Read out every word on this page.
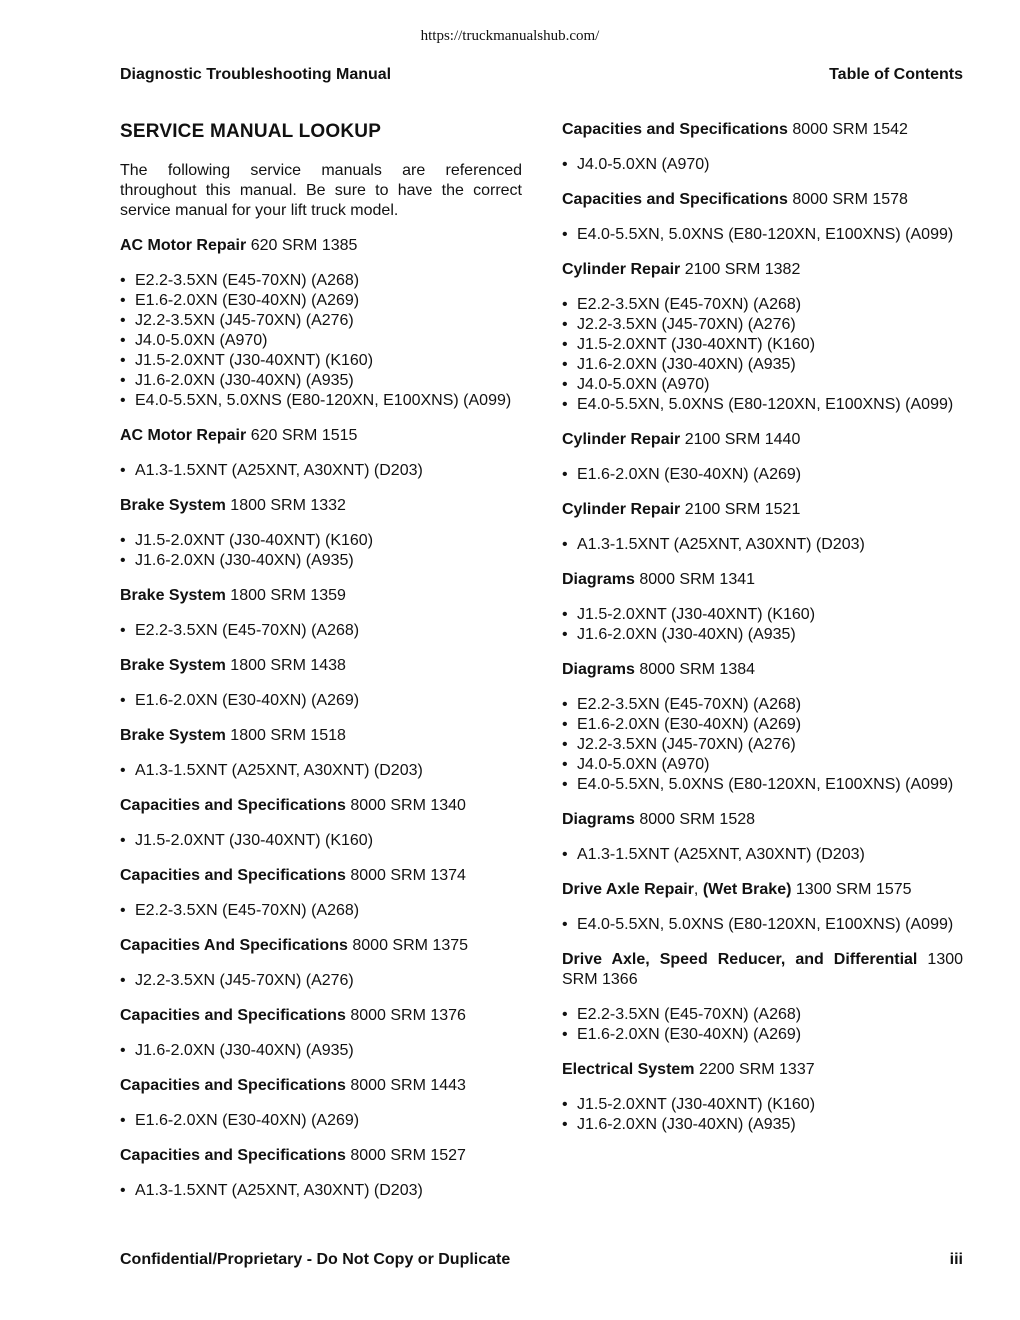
https://truckmanualshub.com/
Diagnostic Troubleshooting Manual	Table of Contents
SERVICE MANUAL LOOKUP

The following service manuals are referenced throughout this manual. Be sure to have the correct service manual for your lift truck model.

AC Motor Repair 620 SRM 1385

• E2.2-3.5XN (E45-70XN) (A268)
• E1.6-2.0XN (E30-40XN) (A269)
• J2.2-3.5XN (J45-70XN) (A276)
• J4.0-5.0XN (A970)
• J1.5-2.0XNT (J30-40XNT) (K160)
• J1.6-2.0XN (J30-40XN) (A935)
• E4.0-5.5XN, 5.0XNS (E80-120XN, E100XNS) (A099)

AC Motor Repair 620 SRM 1515

• A1.3-1.5XNT (A25XNT, A30XNT) (D203)

Brake System 1800 SRM 1332

• J1.5-2.0XNT (J30-40XNT) (K160)
• J1.6-2.0XN (J30-40XN) (A935)

Brake System 1800 SRM 1359

• E2.2-3.5XN (E45-70XN) (A268)

Brake System 1800 SRM 1438

• E1.6-2.0XN (E30-40XN) (A269)

Brake System 1800 SRM 1518

• A1.3-1.5XNT (A25XNT, A30XNT) (D203)

Capacities and Specifications 8000 SRM 1340

• J1.5-2.0XNT (J30-40XNT) (K160)

Capacities and Specifications 8000 SRM 1374

• E2.2-3.5XN (E45-70XN) (A268)

Capacities And Specifications 8000 SRM 1375

• J2.2-3.5XN (J45-70XN) (A276)

Capacities and Specifications 8000 SRM 1376

• J1.6-2.0XN (J30-40XN) (A935)

Capacities and Specifications 8000 SRM 1443

• E1.6-2.0XN (E30-40XN) (A269)

Capacities and Specifications 8000 SRM 1527

• A1.3-1.5XNT (A25XNT, A30XNT) (D203)

Capacities and Specifications 8000 SRM 1542

• J4.0-5.0XN (A970)

Capacities and Specifications 8000 SRM 1578

• E4.0-5.5XN, 5.0XNS (E80-120XN, E100XNS) (A099)

Cylinder Repair 2100 SRM 1382

• E2.2-3.5XN (E45-70XN) (A268)
• J2.2-3.5XN (J45-70XN) (A276)
• J1.5-2.0XNT (J30-40XNT) (K160)
• J1.6-2.0XN (J30-40XN) (A935)
• J4.0-5.0XN (A970)
• E4.0-5.5XN, 5.0XNS (E80-120XN, E100XNS) (A099)

Cylinder Repair 2100 SRM 1440

• E1.6-2.0XN (E30-40XN) (A269)

Cylinder Repair 2100 SRM 1521

• A1.3-1.5XNT (A25XNT, A30XNT) (D203)

Diagrams 8000 SRM 1341

• J1.5-2.0XNT (J30-40XNT) (K160)
• J1.6-2.0XN (J30-40XN) (A935)

Diagrams 8000 SRM 1384

• E2.2-3.5XN (E45-70XN) (A268)
• E1.6-2.0XN (E30-40XN) (A269)
• J2.2-3.5XN (J45-70XN) (A276)
• J4.0-5.0XN (A970)
• E4.0-5.5XN, 5.0XNS (E80-120XN, E100XNS) (A099)

Diagrams 8000 SRM 1528

• A1.3-1.5XNT (A25XNT, A30XNT) (D203)

Drive Axle Repair, (Wet Brake) 1300 SRM 1575

• E4.0-5.5XN, 5.0XNS (E80-120XN, E100XNS) (A099)

Drive Axle, Speed Reducer, and Differential 1300 SRM 1366

• E2.2-3.5XN (E45-70XN) (A268)
• E1.6-2.0XN (E30-40XN) (A269)

Electrical System 2200 SRM 1337

• J1.5-2.0XNT (J30-40XNT) (K160)
• J1.6-2.0XN (J30-40XN) (A935)
Confidential/Proprietary - Do Not Copy or Duplicate	iii
